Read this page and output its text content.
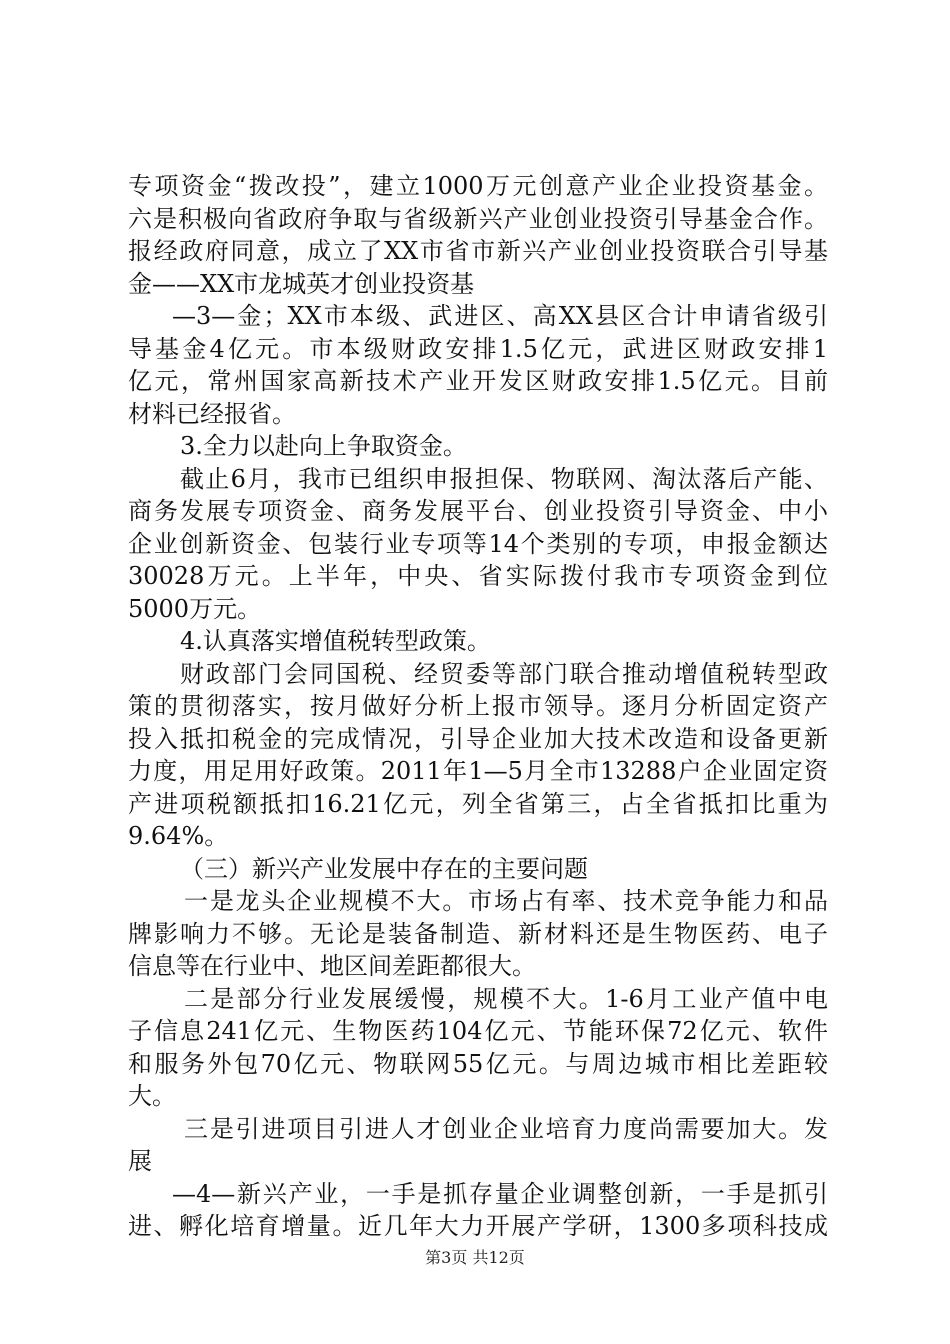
专项资金“拨改投”，建立1000万元创意产业企业投资基金。
六是积极向省政府争取与省级新兴产业创业投资引导基金合作。
报经政府同意，成立了XX市省市新兴产业创业投资联合引导基
金——XX市龙城英才创业投资基
—3—金；XX市本级、武进区、高XX县区合计申请省级引
导基金4亿元。市本级财政安排1.5亿元，武进区财政安排1
亿元，常州国家高新技术产业开发区财政安排1.5亿元。目前
材料已经报省。
3.全力以赴向上争取资金。
截止6月，我市已组织申报担保、物联网、淘汰落后产能、
商务发展专项资金、商务发展平台、创业投资引导资金、中小
企业创新资金、包装行业专项等14个类别的专项，申报金额达
30028万元。上半年，中央、省实际拨付我市专项资金到位
5000万元。
4.认真落实增值税转型政策。
财政部门会同国税、经贸委等部门联合推动增值税转型政
策的贯彻落实，按月做好分析上报市领导。逐月分析固定资产
投入抵扣税金的完成情况，引导企业加大技术改造和设备更新
力度，用足用好政策。2011年1—5月全市13288户企业固定资
产进项税额抵扣16.21亿元，列全省第三，占全省抵扣比重为
9.64%。
（三）新兴产业发展中存在的主要问题
一是龙头企业规模不大。市场占有率、技术竞争能力和品
牌影响力不够。无论是装备制造、新材料还是生物医药、电子
信息等在行业中、地区间差距都很大。
二是部分行业发展缓慢，规模不大。1-6月工业产值中电
子信息241亿元、生物医药104亿元、节能环保72亿元、软件
和服务外包70亿元、物联网55亿元。与周边城市相比差距较
大。
三是引进项目引进人才创业企业培育力度尚需要加大。发
展
—4—新兴产业，一手是抓存量企业调整创新，一手是抓引
进、孵化培育增量。近几年大力开展产学研，1300多项科技成
第3页 共12页
